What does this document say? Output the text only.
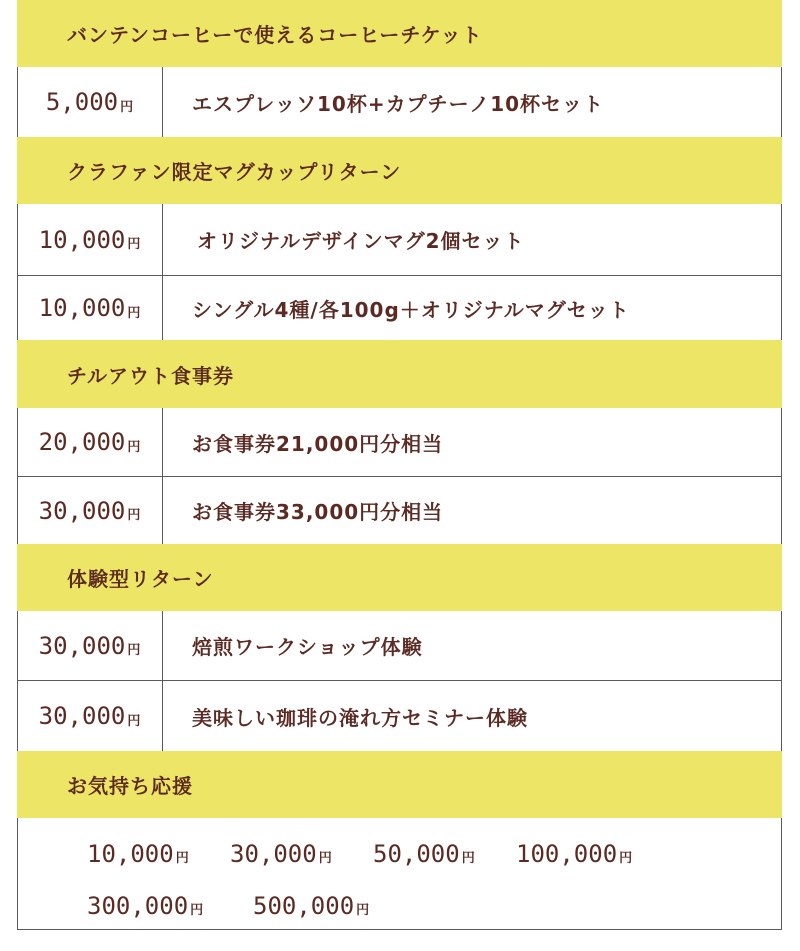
バンテンコーヒーで使えるコーヒーチケット
5,000 円	エスプレッソ10杯+カプチーノ10杯セット
クラファン限定マグカップリターン
10,000 円	オリジナルデザインマグ2個セット
10,000 円	シングル4種/各100g＋オリジナルマグセット
チルアウト食事券
20,000 円	お食事券21,000円分相当
30,000 円	お食事券33,000円分相当
体験型リターン
30,000 円	焙煎ワークショップ体験
30,000 円	美味しい珈琲の淹れ方セミナー体験
お気持ち応援
10,000 円 30,000 円 50,000 円 100,000 円
300,000 円 500,000 円
